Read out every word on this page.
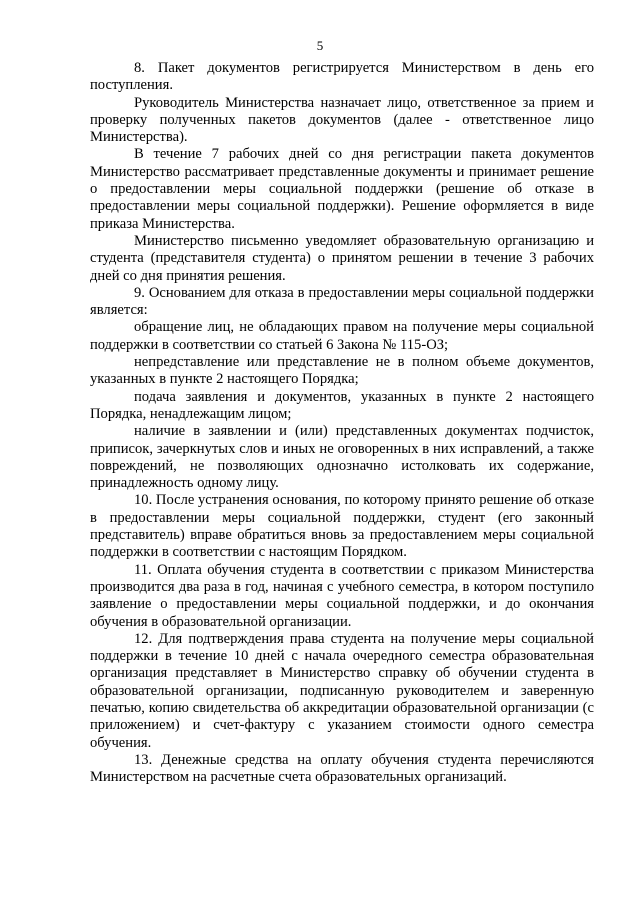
5

8. Пакет документов регистрируется Министерством в день его поступления.

Руководитель Министерства назначает лицо, ответственное за прием и проверку полученных пакетов документов (далее - ответственное лицо Министерства).

В течение 7 рабочих дней со дня регистрации пакета документов Министерство рассматривает представленные документы и принимает решение о предоставлении меры социальной поддержки (решение об отказе в предоставлении меры социальной поддержки). Решение оформляется в виде приказа Министерства.

Министерство письменно уведомляет образовательную организацию и студента (представителя студента) о принятом решении в течение 3 рабочих дней со дня принятия решения.

9. Основанием для отказа в предоставлении меры социальной поддержки является:

обращение лиц, не обладающих правом на получение меры социальной поддержки в соответствии со статьей 6 Закона № 115-ОЗ;

непредставление или представление не в полном объеме документов, указанных в пункте 2 настоящего Порядка;

подача заявления и документов, указанных в пункте 2 настоящего Порядка, ненадлежащим лицом;

наличие в заявлении и (или) представленных документах подчисток, приписок, зачеркнутых слов и иных не оговоренных в них исправлений, а также повреждений, не позволяющих однозначно истолковать их содержание, принадлежность одному лицу.

10. После устранения основания, по которому принято решение об отказе в предоставлении меры социальной поддержки, студент (его законный представитель) вправе обратиться вновь за предоставлением меры социальной поддержки в соответствии с настоящим Порядком.

11. Оплата обучения студента в соответствии с приказом Министерства производится два раза в год, начиная с учебного семестра, в котором поступило заявление о предоставлении меры социальной поддержки, и до окончания обучения в образовательной организации.

12. Для подтверждения права студента на получение меры социальной поддержки в течение 10 дней с начала очередного семестра образовательная организация представляет в Министерство справку об обучении студента в образовательной организации, подписанную руководителем и заверенную печатью, копию свидетельства об аккредитации образовательной организации (с приложением) и счет-фактуру с указанием стоимости одного семестра обучения.

13. Денежные средства на оплату обучения студента перечисляются Министерством на расчетные счета образовательных организаций.
